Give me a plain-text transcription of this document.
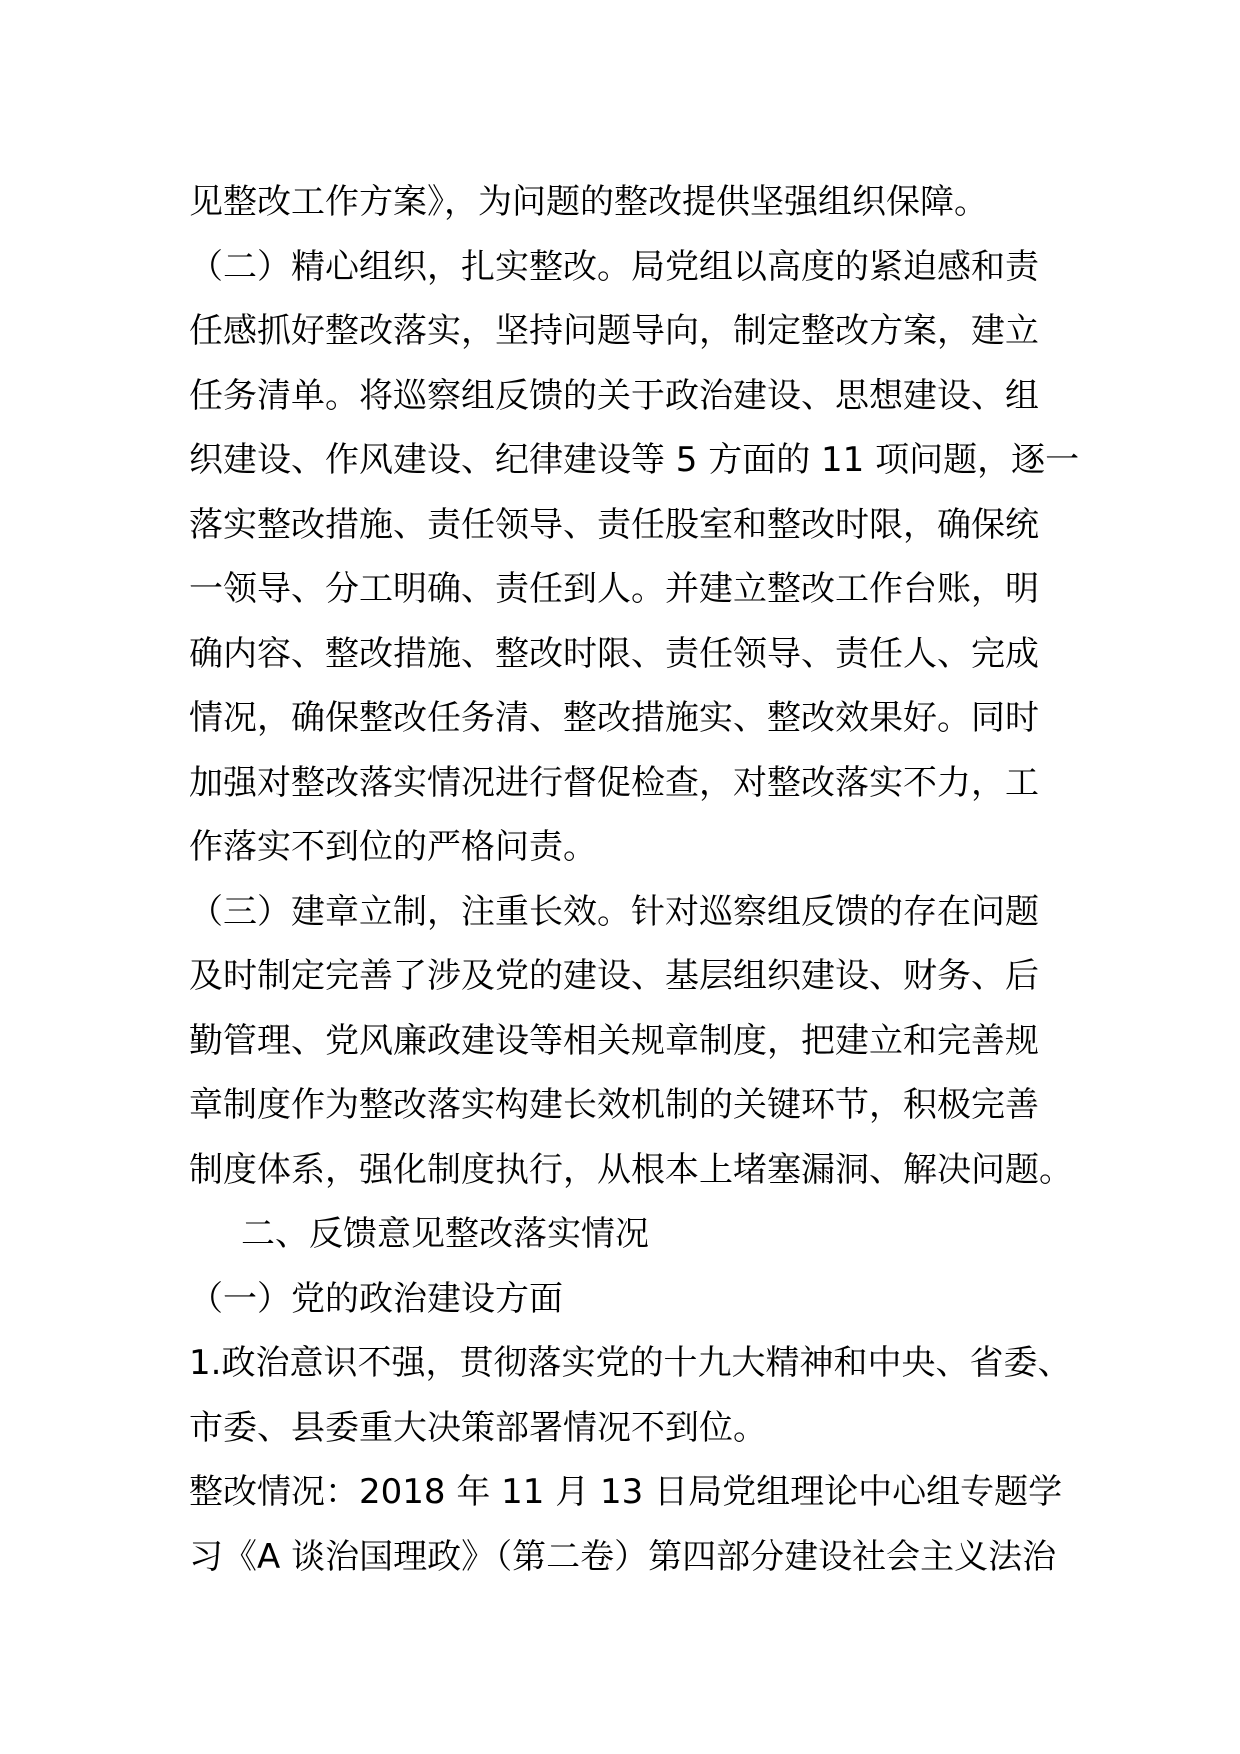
见整改工作方案》，为问题的整改提供坚强组织保障。
（二）精心组织，扎实整改。局党组以高度的紧迫感和责
任感抓好整改落实，坚持问题导向，制定整改方案，建立
任务清单。将巡察组反馈的关于政治建设、思想建设、组
织建设、作风建设、纪律建设等 5 方面的 11 项问题，逐一
落实整改措施、责任领导、责任股室和整改时限，确保统
一领导、分工明确、责任到人。并建立整改工作台账，明
确内容、整改措施、整改时限、责任领导、责任人、完成
情况，确保整改任务清、整改措施实、整改效果好。同时
加强对整改落实情况进行督促检查，对整改落实不力，工
作落实不到位的严格问责。
（三）建章立制，注重长效。针对巡察组反馈的存在问题
及时制定完善了涉及党的建设、基层组织建设、财务、后
勤管理、党风廉政建设等相关规章制度，把建立和完善规
章制度作为整改落实构建长效机制的关键环节，积极完善
制度体系，强化制度执行，从根本上堵塞漏洞、解决问题。
二、反馈意见整改落实情况
（一）党的政治建设方面
1.政治意识不强，贯彻落实党的十九大精神和中央、省委、
市委、县委重大决策部署情况不到位。
整改情况：2018 年 11 月 13 日局党组理论中心组专题学
习《A 谈治国理政》（第二卷）第四部分建设社会主义法治
